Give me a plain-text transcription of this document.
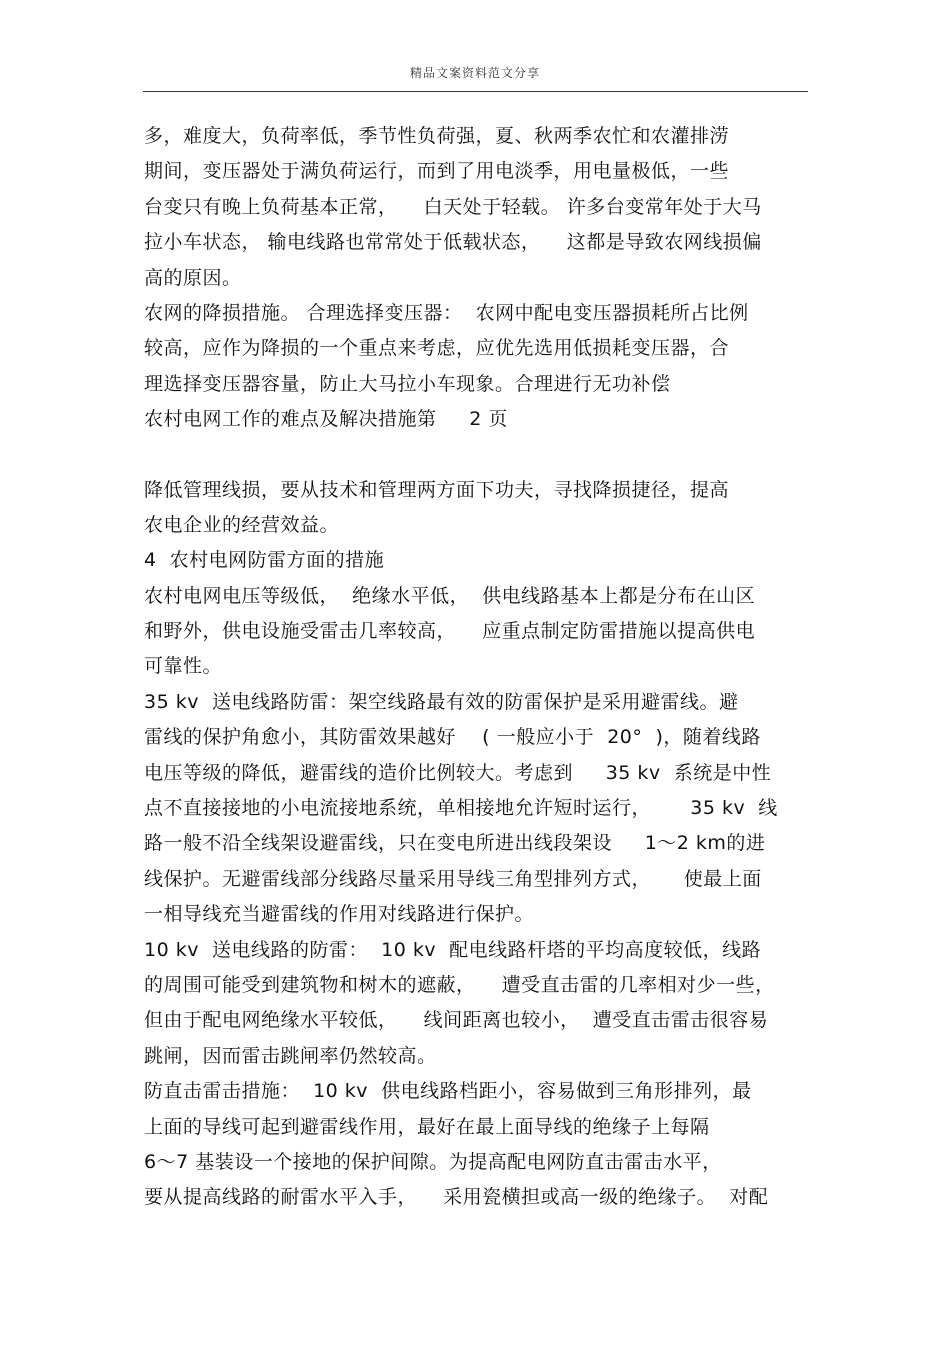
精品文案资料范文分享
多，难度大，负荷率低，季节性负荷强，夏、秋两季农忙和农灌排涝
期间，变压器处于满负荷运行，而到了用电淡季，用电量极低，一些
台变只有晚上负荷基本正常，    白天处于轻载。 许多台变常年处于大马
拉小车状态， 输电线路也常常处于低载状态，    这都是导致农网线损偏
高的原因。
农网的降损措施。 合理选择变压器：  农网中配电变压器损耗所占比例
较高，应作为降损的一个重点来考虑，应优先选用低损耗变压器，合
理选择变压器容量，防止大马拉小车现象。合理进行无功补偿
农村电网工作的难点及解决措施第     2 页
降低管理线损，要从技术和管理两方面下功夫，寻找降损捷径，提高
农电企业的经营效益。
4  农村电网防雷方面的措施
农村电网电压等级低，  绝缘水平低，  供电线路基本上都是分布在山区
和野外，供电设施受雷击几率较高，    应重点制定防雷措施以提高供电
可靠性。
35 kv  送电线路防雷：架空线路最有效的防雷保护是采用避雷线。避
雷线的保护角愈小，其防雷效果越好    ( 一般应小于  20°  )，随着线路
电压等级的降低，避雷线的造价比例较大。考虑到     35 kv  系统是中性
点不直接接地的小电流接地系统，单相接地允许短时运行，      35 kv  线
路一般不沿全线架设避雷线，只在变电所进出线段架设     1～2 km的进
线保护。无避雷线部分线路尽量采用导线三角型排列方式，     使最上面
一相导线充当避雷线的作用对线路进行保护。
10 kv  送电线路的防雷：  10 kv  配电线路杆塔的平均高度较低，线路
的周围可能受到建筑物和树木的遮蔽，    遭受直击雷的几率相对少一些，
但由于配电网绝缘水平较低，    线间距离也较小，  遭受直击雷击很容易
跳闸，因而雷击跳闸率仍然较高。
防直击雷击措施：  10 kv  供电线路档距小，容易做到三角形排列，最
上面的导线可起到避雷线作用，最好在最上面导线的绝缘子上每隔
6～7 基装设一个接地的保护间隙。为提高配电网防直击雷击水平，
要从提高线路的耐雷水平入手，    采用瓷横担或高一级的绝缘子。  对配
